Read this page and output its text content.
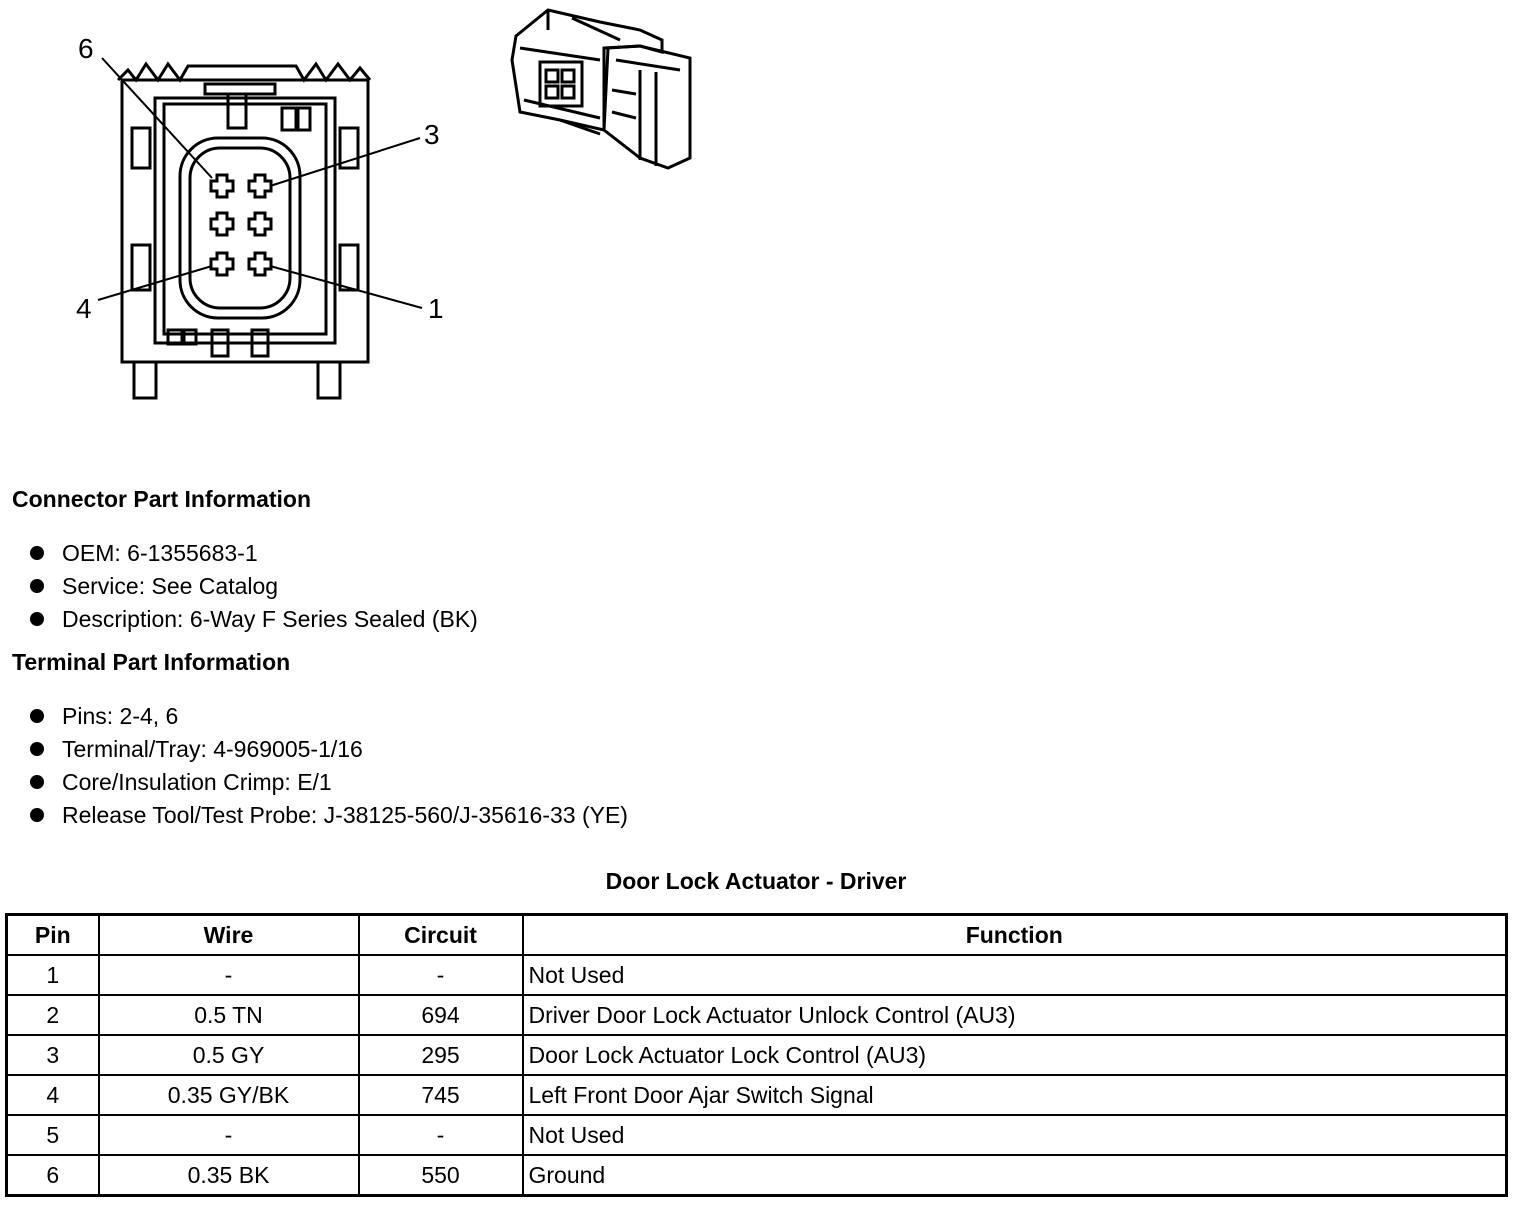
6
3
4	1
Connector Part Information
OEM: 6-1355683-1
Service: See Catalog
Description: 6-Way F Series Sealed (BK)
Terminal Part Information
Pins: 2-4, 6
Terminal/Tray: 4-969005-1/16
Core/Insulation Crimp: E/1
Release Tool/Test Probe: J-38125-560/J-35616-33 (YE)
Door Lock Actuator - Driver
Pin	Wire	Circuit	Function
1	-	-	Not Used
2	0.5 TN	694	Driver Door Lock Actuator Unlock Control (AU3)
3	0.5 GY	295	Door Lock Actuator Lock Control (AU3)
4	0.35 GY/BK	745	Left Front Door Ajar Switch Signal
5	-	-	Not Used
6	0.35 BK	550	Ground
